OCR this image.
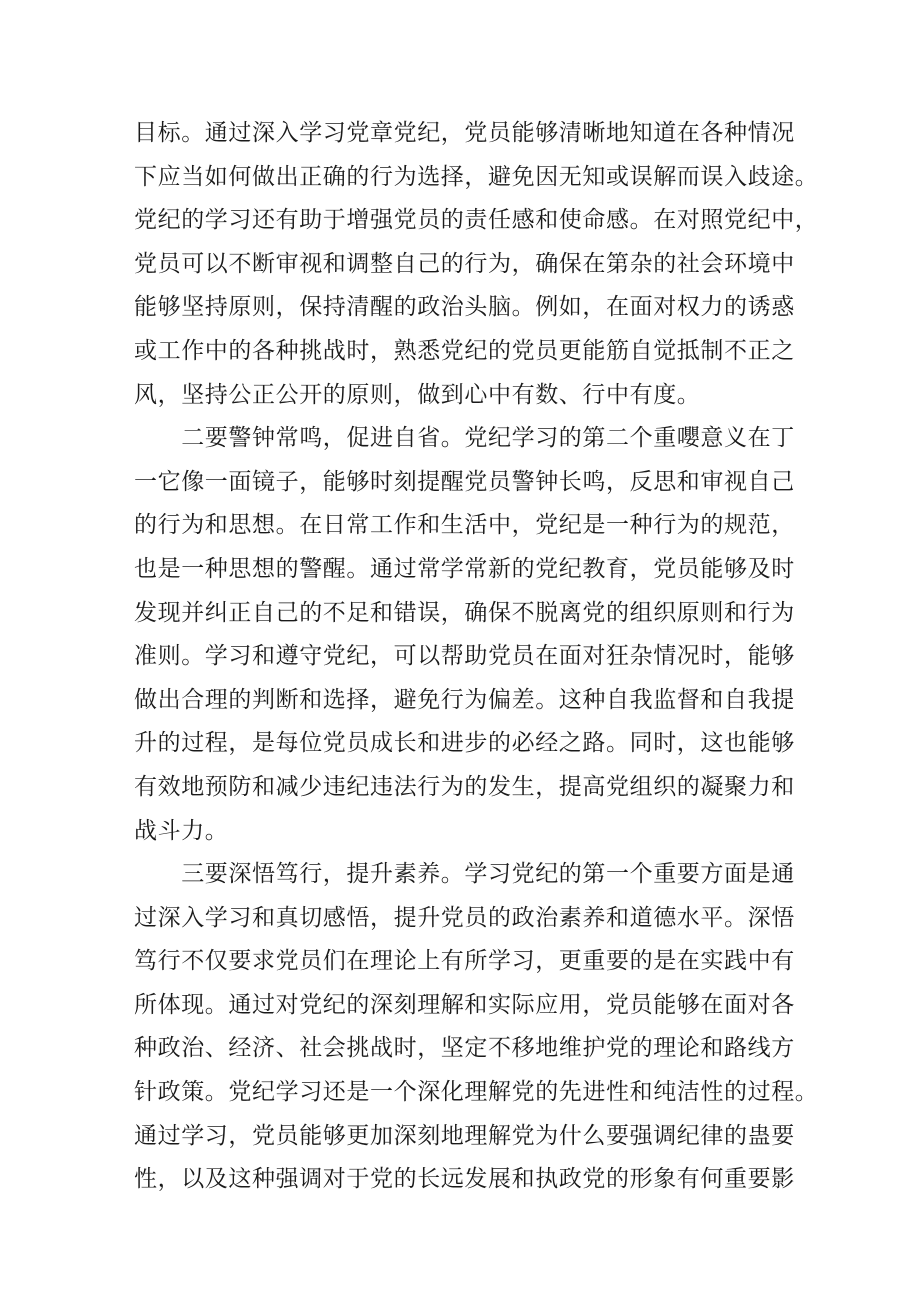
目标。通过深入学习党章党纪，党员能够清晰地知道在各种情况
下应当如何做出正确的行为选择，避免因无知或误解而误入歧途。
党纪的学习还有助于增强党员的责任感和使命感。在对照党纪中，
党员可以不断审视和调整自己的行为，确保在第杂的社会环境中
能够坚持原则，保持清醒的政治头脑。例如，在面对权力的诱惑
或工作中的各种挑战时，熟悉党纪的党员更能筋自觉抵制不正之
风，坚持公正公开的原则，做到心中有数、行中有度。
　　二要警钟常鸣，促进自省。党纪学习的第二个重嚶意义在丁
一它像一面镜子，能够时刻提醒党员警钟长鸣，反思和审视自己
的行为和思想。在日常工作和生活中，党纪是一种行为的规范，
也是一种思想的警醒。通过常学常新的党纪教育，党员能够及时
发现并纠正自己的不足和错误，确保不脱离党的组织原则和行为
准则。学习和遵守党纪，可以帮助党员在面对狂杂情况时，能够
做出合理的判断和选择，避免行为偏差。这种自我监督和自我提
升的过程，是每位党员成长和进步的必经之路。同时，这也能够
有效地预防和减少违纪违法行为的发生，提高党组织的凝聚力和
战斗力。
　　三要深悟笃行，提升素养。学习党纪的第一个重要方面是通
过深入学习和真切感悟，提升党员的政治素养和道德水平。深悟
笃行不仅要求党员们在理论上有所学习，更重要的是在实践中有
所体现。通过对党纪的深刻理解和实际应用，党员能够在面对各
种政治、经济、社会挑战时，坚定不移地维护党的理论和路线方
针政策。党纪学习还是一个深化理解党的先进性和纯洁性的过程。
通过学习，党员能够更加深刻地理解党为什么要强调纪律的蛊要
性，以及这种强调对于党的长远发展和执政党的形象有何重要影
